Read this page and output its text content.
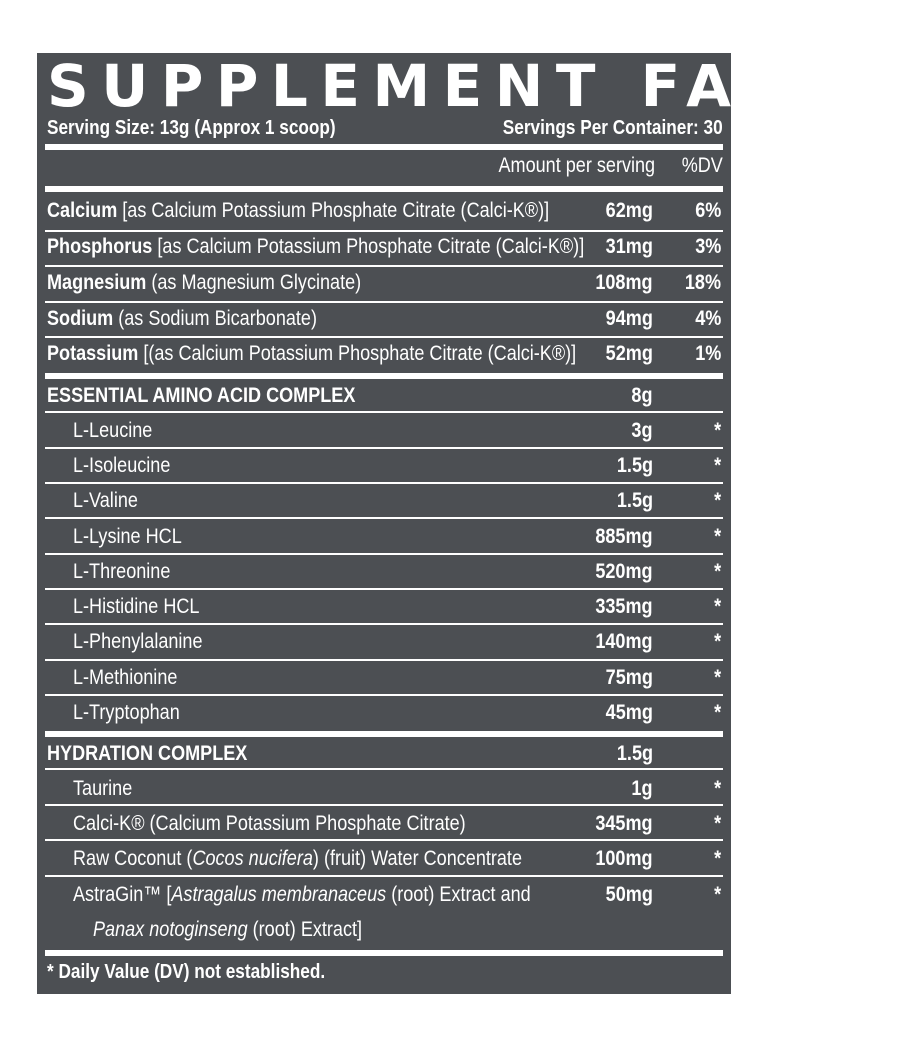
SUPPLEMENT FACTS
Serving Size: 13g (Approx 1 scoop)	Servings Per Container: 30
Amount per serving %DV
Calcium [as Calcium Potassium Phosphate Citrate (Calci-K®)]	62mg 6%
Phosphorus [as Calcium Potassium Phosphate Citrate (Calci-K®)] 31mg 3%
Magnesium (as Magnesium Glycinate)	108mg 18%
Sodium (as Sodium Bicarbonate)	94mg 4%
Potassium [(as Calcium Potassium Phosphate Citrate (Calci-K®)] 52mg 1%
ESSENTIAL AMINO ACID COMPLEX	8g
L-Leucine	3g	*
L-Isoleucine	1.5g	*
L-Valine	1.5g	*
L-Lysine HCL	885mg	*
L-Threonine	520mg	*
L-Histidine HCL	335mg	*
L-Phenylalanine	140mg	*
L-Methionine	75mg	*
L-Tryptophan	45mg	*
HYDRATION COMPLEX	1.5g
Taurine	1g	*
Calci-K® (Calcium Potassium Phosphate Citrate)	345mg	*
Raw Coconut (Cocos nucifera) (fruit) Water Concentrate	100mg	*
AstraGin™ [Astragalus membranaceus (root) Extract and
Panax notoginseng (root) Extract]
50mg	*
* Daily Value (DV) not established.
